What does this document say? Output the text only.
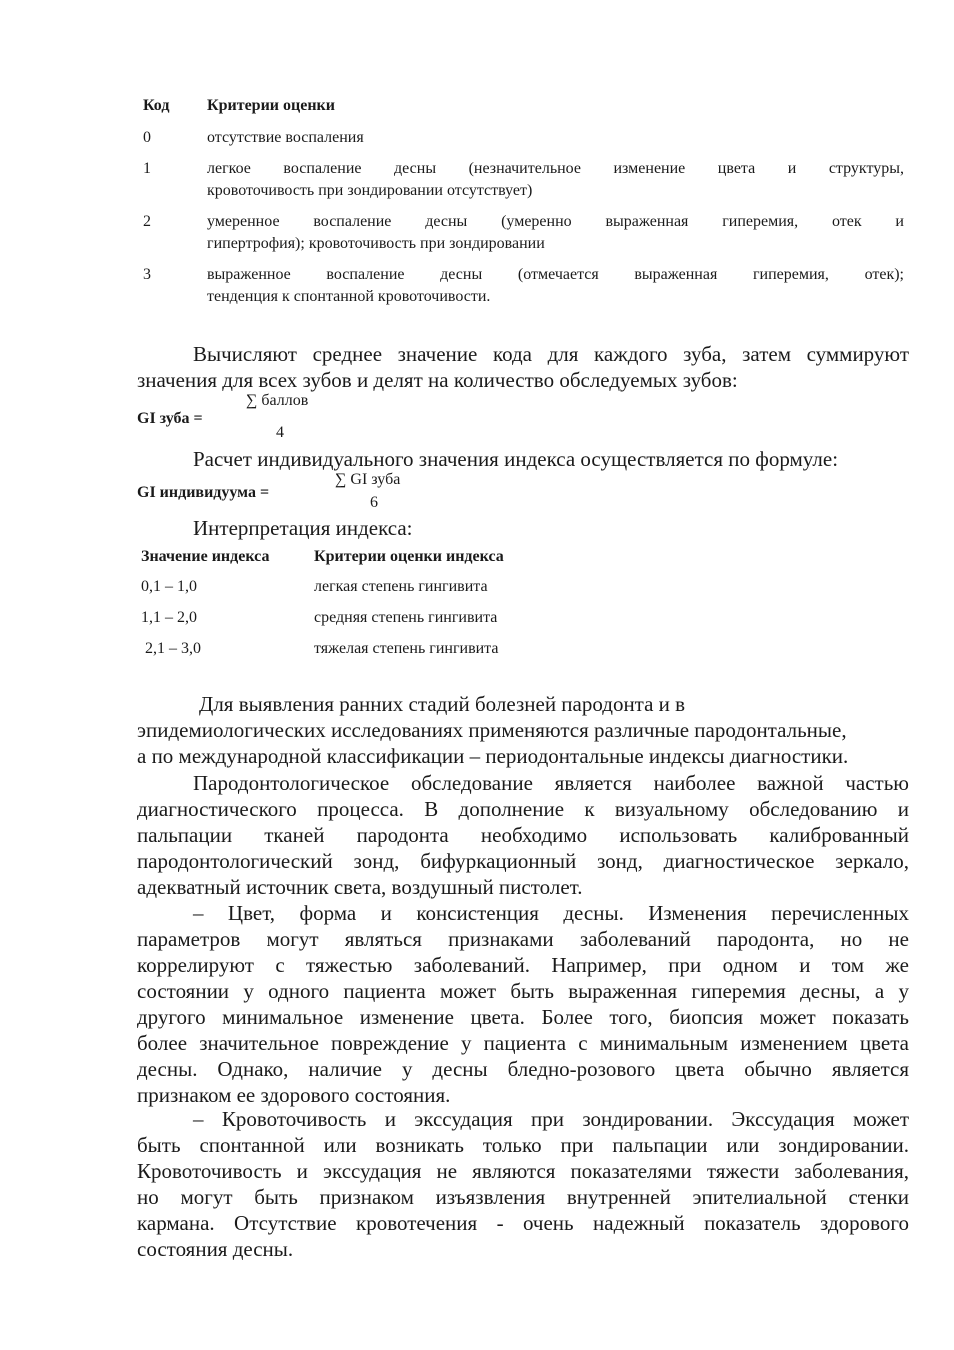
Код Критерии оценки
0	отсутствие воспаления
1	легкое воспаление десны (незначительное изменение цвета и структуры,
кровоточивость при зондировании отсутствует)
2	умеренное воспаление десны (умеренно выраженная гиперемия, отек и
гипертрофия); кровоточивость при зондировании
3	выраженное воспаление десны (отмечается выраженная гиперемия, отек);
тенденция к спонтанной кровоточивости.
Вычисляют среднее значение кода для каждого зуба, затем суммируют
значения для всех зубов и делят на количество обследуемых зубов:
GI зуба =
∑ баллов
4
Расчет индивидуального значения индекса осуществляется по формуле:
GI индивидуума =
∑ GI зуба
6
Интерпретация индекса:
Значение индекса	Критерии оценки индекса
0,1 – 1,0	легкая степень гингивита
1,1 – 2,0	средняя степень гингивита
2,1 – 3,0	тяжелая степень гингивита
Для выявления ранних стадий болезней пародонта и в
эпидемиологических исследованиях применяются различные пародонтальные,
а по международной классификации – периодонтальные индексы диагностики.
Пародонтологическое обследование является наиболее важной частью
диагностического процесса. В дополнение к визуальному обследованию и
пальпации тканей пародонта необходимо использовать калиброванный
пародонтологический зонд, бифуркационный зонд, диагностическое зеркало,
адекватный источник света, воздушный пистолет.
– Цвет, форма и консистенция десны. Изменения перечисленных
параметров могут являться признаками заболеваний пародонта, но не
коррелируют с тяжестью заболеваний. Например, при одном и том же
состоянии у одного пациента может быть выраженная гиперемия десны, а у
другого минимальное изменение цвета. Более того, биопсия может показать
более значительное повреждение у пациента с минимальным изменением цвета
десны. Однако, наличие у десны бледно-розового цвета обычно является
признаком ее здорового состояния.
– Кровоточивость и экссудация при зондировании. Экссудация может
быть спонтанной или возникать только при пальпации или зондировании.
Кровоточивость и экссудация не являются показателями тяжести заболевания,
но могут быть признаком изъязвления внутренней эпителиальной стенки
кармана. Отсутствие кровотечения - очень надежный показатель здорового
состояния десны.
